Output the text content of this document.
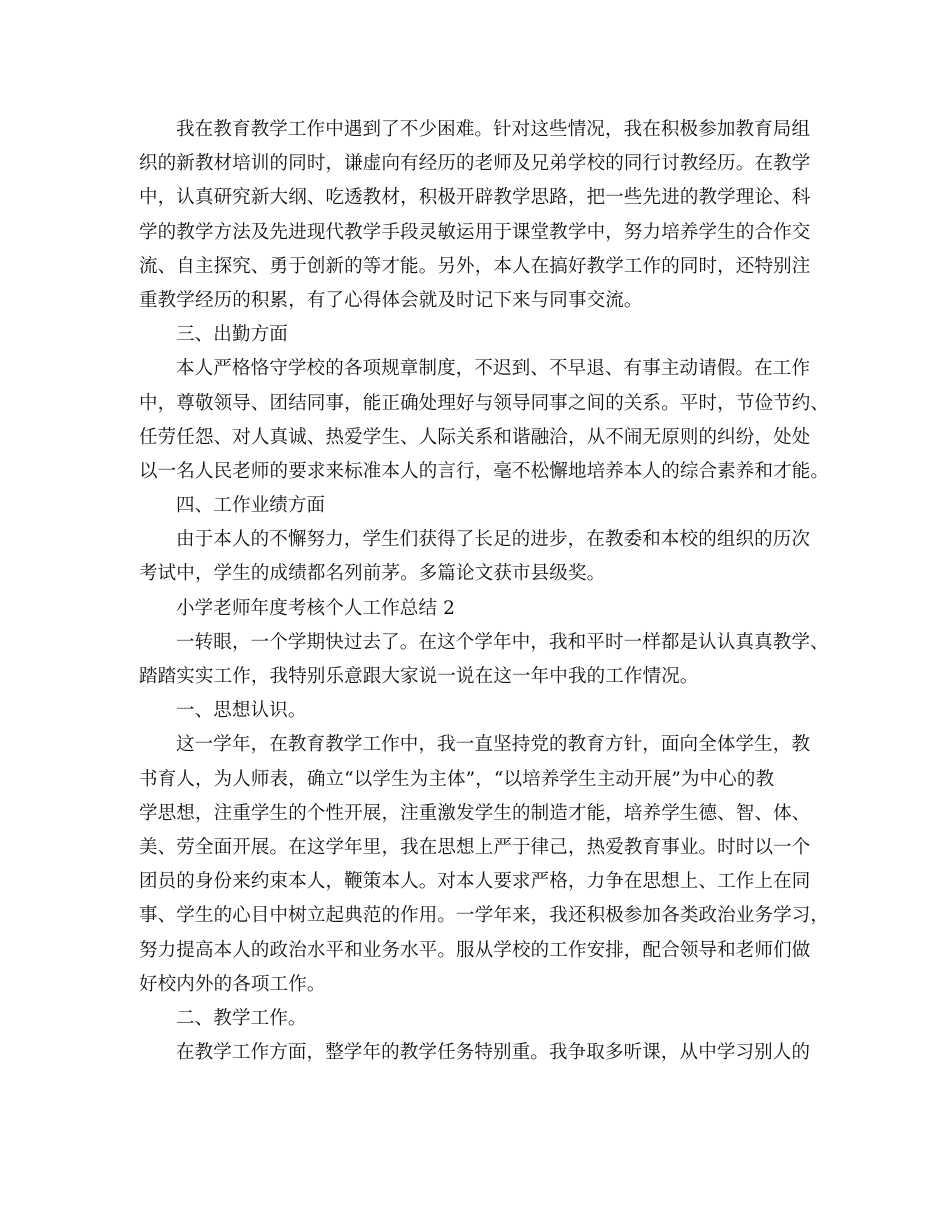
我在教育教学工作中遇到了不少困难。针对这些情况，我在积极参加教育局组
织的新教材培训的同时，谦虚向有经历的老师及兄弟学校的同行讨教经历。在教学
中，认真研究新大纲、吃透教材，积极开辟教学思路，把一些先进的教学理论、科
学的教学方法及先进现代教学手段灵敏运用于课堂教学中，努力培养学生的合作交
流、自主探究、勇于创新的等才能。另外，本人在搞好教学工作的同时，还特别注
重教学经历的积累，有了心得体会就及时记下来与同事交流。
三、出勤方面
本人严格恪守学校的各项规章制度，不迟到、不早退、有事主动请假。在工作
中，尊敬领导、团结同事，能正确处理好与领导同事之间的关系。平时，节俭节约、
任劳任怨、对人真诚、热爱学生、人际关系和谐融洽，从不闹无原则的纠纷，处处
以一名人民老师的要求来标准本人的言行，毫不松懈地培养本人的综合素养和才能。
四、工作业绩方面
由于本人的不懈努力，学生们获得了长足的进步，在教委和本校的组织的历次
考试中，学生的成绩都名列前茅。多篇论文获市县级奖。
小学老师年度考核个人工作总结 2
一转眼，一个学期快过去了。在这个学年中，我和平时一样都是认认真真教学、
踏踏实实工作，我特别乐意跟大家说一说在这一年中我的工作情况。
一、思想认识。
这一学年，在教育教学工作中，我一直坚持党的教育方针，面向全体学生，教
书育人，为人师表，确立“以学生为主体”，“以培养学生主动开展”为中心的教
学思想，注重学生的个性开展，注重激发学生的制造才能，培养学生德、智、体、
美、劳全面开展。在这学年里，我在思想上严于律己，热爱教育事业。时时以一个
团员的身份来约束本人，鞭策本人。对本人要求严格，力争在思想上、工作上在同
事、学生的心目中树立起典范的作用。一学年来，我还积极参加各类政治业务学习，
努力提高本人的政治水平和业务水平。服从学校的工作安排，配合领导和老师们做
好校内外的各项工作。
二、教学工作。
在教学工作方面，整学年的教学任务特别重。我争取多听课，从中学习别人的
